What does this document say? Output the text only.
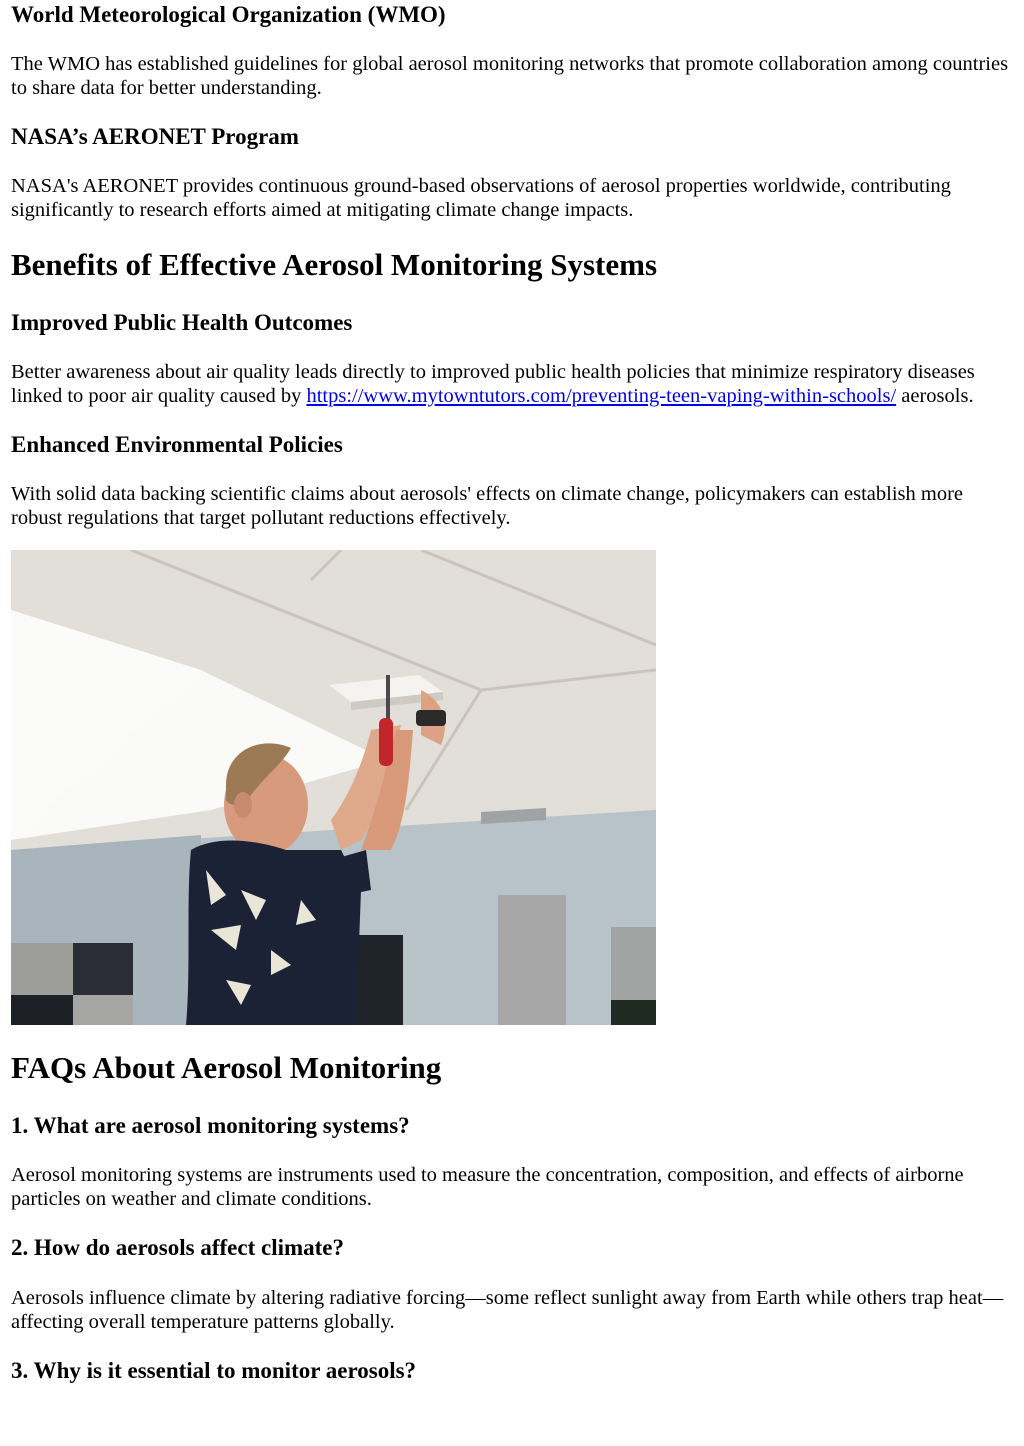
World Meteorological Organization (WMO)

The WMO has established guidelines for global aerosol monitoring networks that promote collaboration among countries to share data for better understanding.

NASA’s AERONET Program

NASA's AERONET provides continuous ground-based observations of aerosol properties worldwide, contributing significantly to research efforts aimed at mitigating climate change impacts.

Benefits of Effective Aerosol Monitoring Systems
Improved Public Health Outcomes

Better awareness about air quality leads directly to improved public health policies that minimize respiratory diseases linked to poor air quality caused by https://www.mytowntutors.com/preventing-teen-vaping-within-schools/ aerosols.

Enhanced Environmental Policies

With solid data backing scientific claims about aerosols' effects on climate change, policymakers can establish more robust regulations that target pollutant reductions effectively.

FAQs About Aerosol Monitoring
1. What are aerosol monitoring systems?

Aerosol monitoring systems are instruments used to measure the concentration, composition, and effects of airborne particles on weather and climate conditions.

2. How do aerosols affect climate?

Aerosols influence climate by altering radiative forcing—some reflect sunlight away from Earth while others trap heat—affecting overall temperature patterns globally.

3. Why is it essential to monitor aerosols?
